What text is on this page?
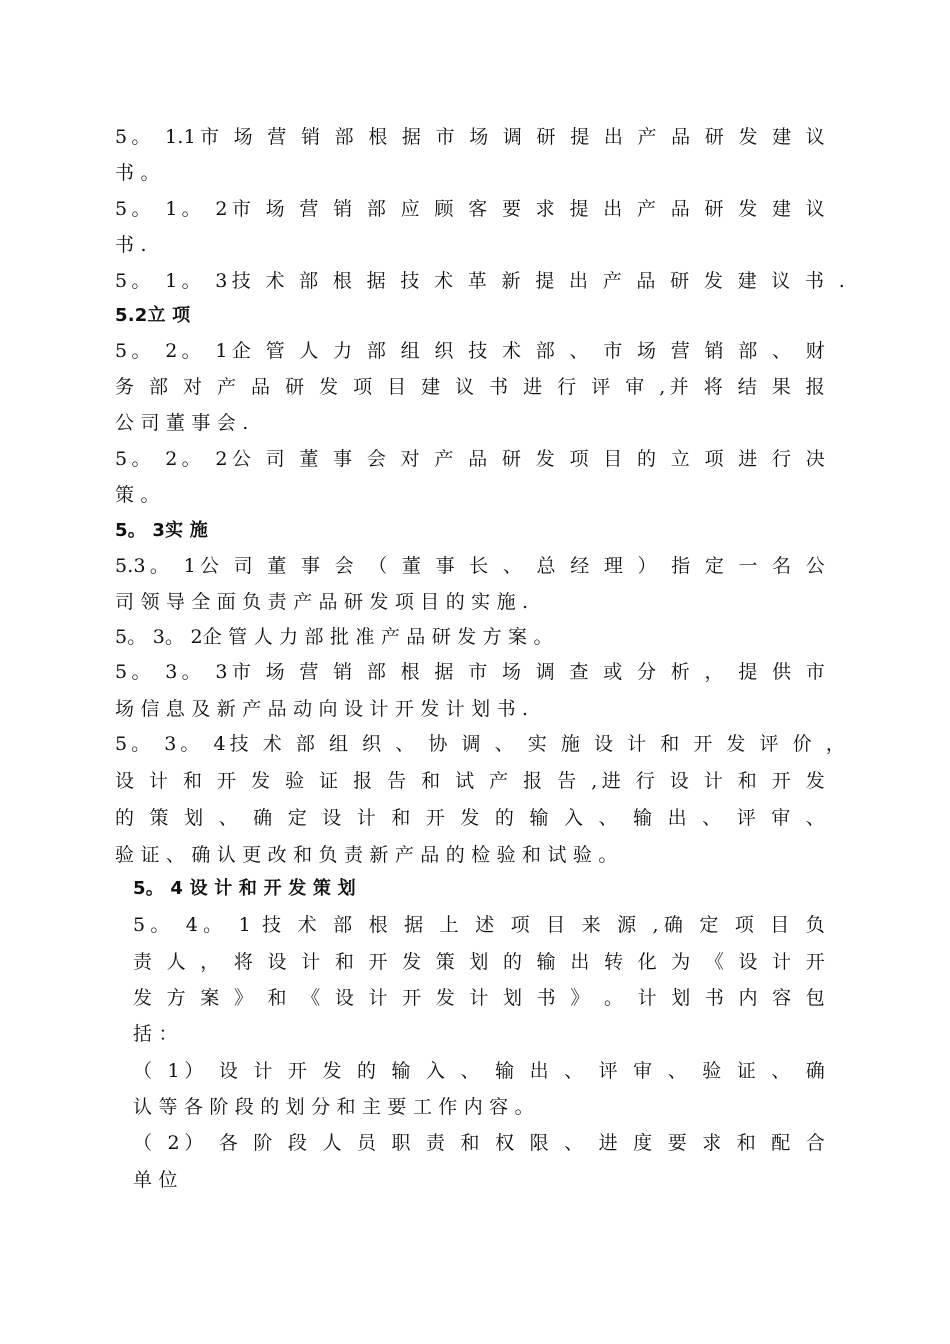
5。 1.1市 场 营 销 部 根 据 市 场 调 研 提 出 产 品 研 发 建 议
书 。
5。 1。 2市 场 营 销 部 应 顾 客 要 求 提 出 产 品 研 发 建 议
书 .
5。 1。 3技 术 部 根 据 技 术 革 新 提 出 产 品 研 发 建 议 书 .
5.2立 项
5。 2。 1企 管 人 力 部 组 织 技 术 部 、 市 场 营 销 部 、 财
务 部 对 产 品 研 发 项 目 建 议 书 进 行 评 审 ,并 将 结 果 报
公 司 董 事 会 .
5。 2。 2公 司 董 事 会 对 产 品 研 发 项 目 的 立 项 进 行 决
策 。
5。 3实 施
5.3。 1公 司 董 事 会 （ 董 事 长 、 总 经 理 ） 指 定 一 名 公
司 领 导 全 面 负 责 产 品 研 发 项 目 的 实 施 .
5。 3。 2企 管 人 力 部 批 准 产 品 研 发 方 案 。
5。 3。 3市 场 营 销 部 根 据 市 场 调 查 或 分 析 ， 提 供 市
场 信 息 及 新 产 品 动 向 设 计 开 发 计 划 书 .
5。 3。 4技 术 部 组 织 、 协 调 、 实 施 设 计 和 开 发 评 价 ，
设 计 和 开 发 验 证 报 告 和 试 产 报 告 ,进 行 设 计 和 开 发
的 策 划 、 确 定 设 计 和 开 发 的 输 入 、 输 出 、 评 审 、
验 证 、 确 认 更 改 和 负 责 新 产 品 的 检 验 和 试 验 。
5。 4 设 计 和 开 发 策 划
5。 4。 1 技 术 部 根 据 上 述 项 目 来 源 ,确 定 项 目 负
责 人 ， 将 设 计 和 开 发 策 划 的 输 出 转 化 为 《 设 计 开
发 方 案 》 和 《 设 计 开 发 计 划 书 》 。 计 划 书 内 容 包
括 ：
（ 1） 设 计 开 发 的 输 入 、 输 出 、 评 审 、 验 证 、 确
认 等 各 阶 段 的 划 分 和 主 要 工 作 内 容 。
（ 2） 各 阶 段 人 员 职 责 和 权 限 、 进 度 要 求 和 配 合
单 位
